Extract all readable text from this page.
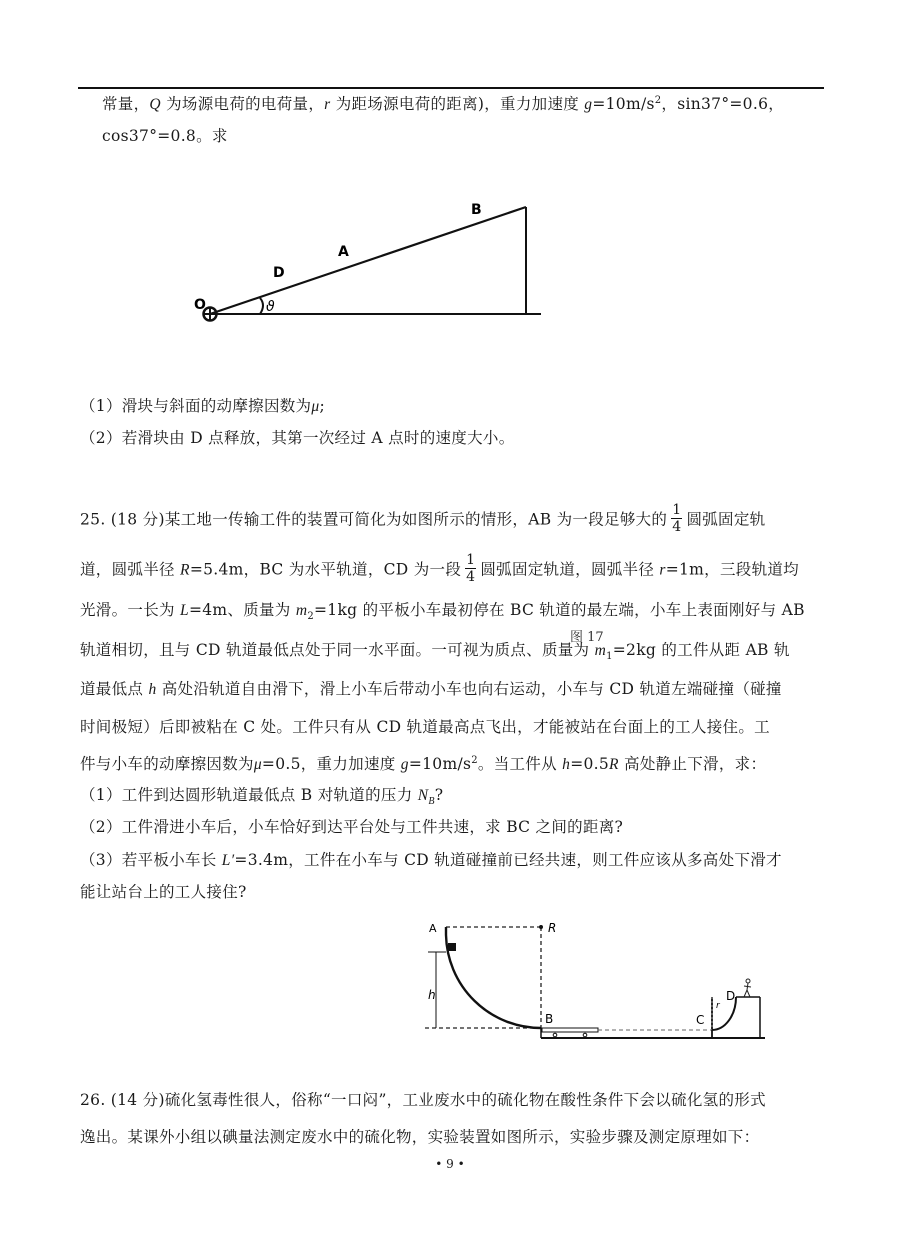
常量，Q 为场源电荷的电荷量，r 为距场源电荷的距离)，重力加速度 $g=10m/s^2$，sin37°=0.6，
cos37°=0.8。求
O
D
A
B
ϑ
（1）滑块与斜面的动摩擦因数为μ;
（2）若滑块由 D 点释放，其第一次经过 A 点时的速度大小。
25. (18 分)某工地一传输工件的装置可简化为如图所示的情形，AB 为一段足够大的 $\frac{1}{4}$ 圆弧固定轨
道，圆弧半径 R=5.4m，BC 为水平轨道，CD 为一段 $\frac{1}{4}$ 圆弧固定轨道，圆弧半径 r=1m，三段轨道均
光滑。一长为 L=4m、质量为 $m_2=1kg$ 的平板小车最初停在 BC 轨道的最左端，小车上表面刚好与 AB
轨道相切，且与 CD 轨道最低点处于同一水平面。一可视为质点、质量为 $m_1=2kg$ 的工件从距 AB 轨
图 17
道最低点 h 高处沿轨道自由滑下，滑上小车后带动小车也向右运动，小车与 CD 轨道左端碰撞（碰撞
时间极短）后即被粘在 C 处。工件只有从 CD 轨道最高点飞出，才能被站在台面上的工人接住。工
件与小车的动摩擦因数为μ=0.5，重力加速度 $g=10m/s^2$。当工件从 h=0.5R 高处静止下滑，求：
（1）工件到达圆形轨道最低点 B 对轨道的压力 $N_B$?
（2）工件滑进小车后，小车恰好到达平台处与工件共速，求 BC 之间的距离?
（3）若平板小车长 L′=3.4m，工件在小车与 CD 轨道碰撞前已经共速，则工件应该从多高处下滑才
能让站台上的工人接住?
A	R
h
B	C
D
r
26. (14 分)硫化氢毒性很人，俗称“一口闷”，工业废水中的硫化物在酸性条件下会以硫化氢的形式
逸出。某课外小组以碘量法测定废水中的硫化物，实验装置如图所示，实验步骤及测定原理如下：
• 9 •
